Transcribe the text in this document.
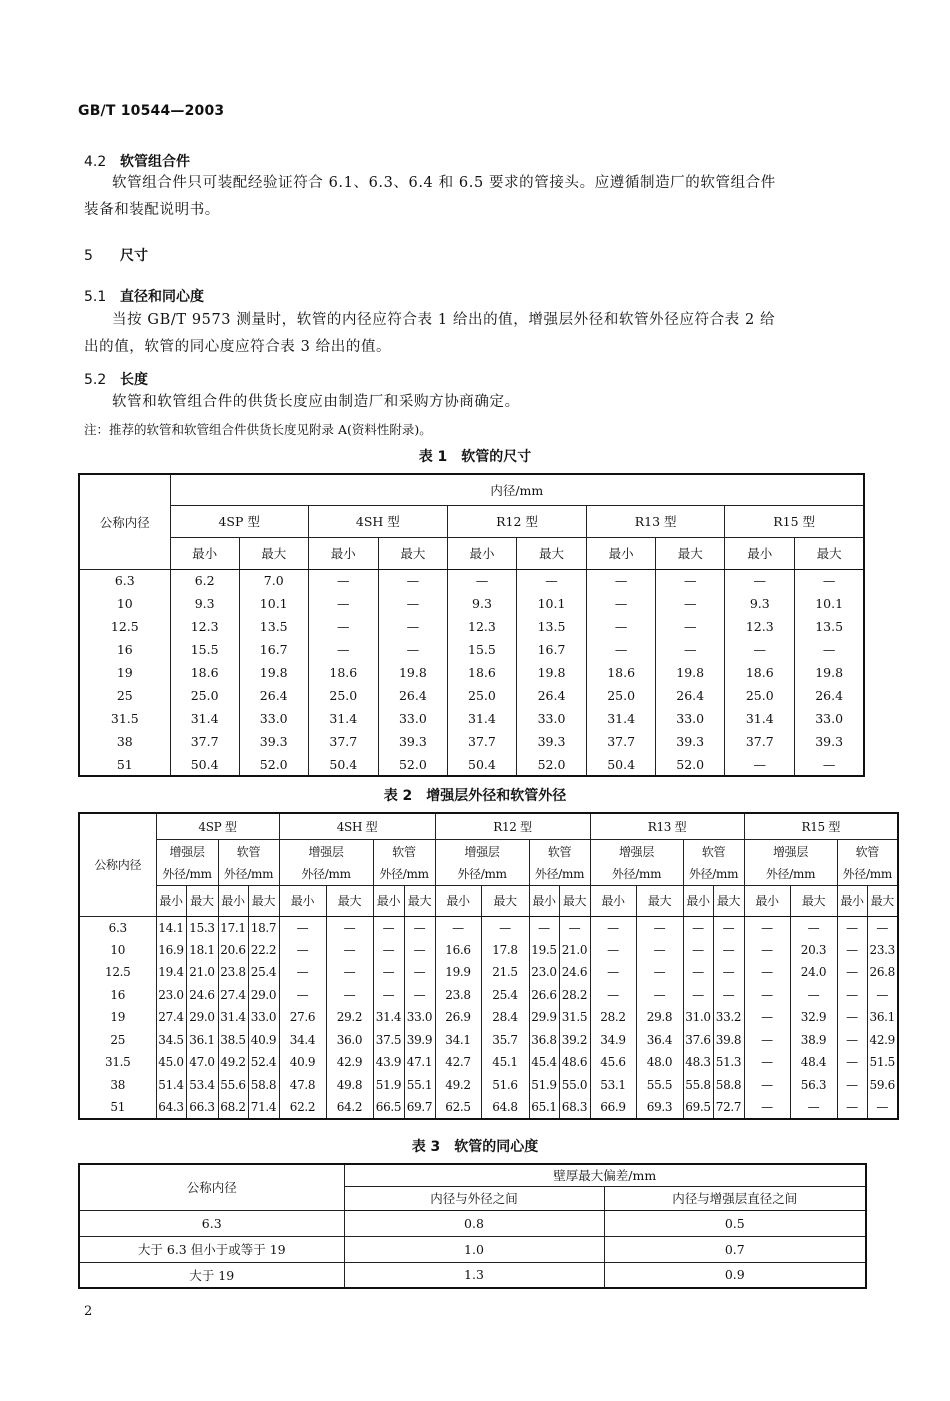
GB/T 10544—2003
4.2 软管组合件
软管组合件只可装配经验证符合 6.1、6.3、6.4 和 6.5 要求的管接头。应遵循制造厂的软管组合件
装备和装配说明书。
5 尺寸
5.1 直径和同心度
当按 GB/T 9573 测量时，软管的内径应符合表 1 给出的值，增强层外径和软管外径应符合表 2 给
出的值，软管的同心度应符合表 3 给出的值。
5.2 长度
软管和软管组合件的供货长度应由制造厂和采购方协商确定。
注：推荐的软管和软管组合件供货长度见附录 A(资料性附录)。
表 1　软管的尺寸
公称内径	内径/mm									
	4SP 型		4SH 型		R12 型		R13 型		R15 型	
	最小	最大	最小	最大	最小	最大	最小	最大	最小	最大
6.3	6.2	7.0	—	—	—	—	—	—	—	—
10	9.3	10.1	—	—	9.3	10.1	—	—	9.3	10.1
12.5	12.3	13.5	—	—	12.3	13.5	—	—	12.3	13.5
16	15.5	16.7	—	—	15.5	16.7	—	—	—	—
19	18.6	19.8	18.6	19.8	18.6	19.8	18.6	19.8	18.6	19.8
25	25.0	26.4	25.0	26.4	25.0	26.4	25.0	26.4	25.0	26.4
31.5	31.4	33.0	31.4	33.0	31.4	33.0	31.4	33.0	31.4	33.0
38	37.7	39.3	37.7	39.3	37.7	39.3	37.7	39.3	37.7	39.3
51	50.4	52.0	50.4	52.0	50.4	52.0	50.4	52.0	—	—
表 2　增强层外径和软管外径
公称内径	4SP 型				4SH 型				R12 型				R13 型				R15 型			
	增强层		软管		增强层		软管		增强层		软管		增强层		软管		增强层		软管	
	外径/mm		外径/mm		外径/mm		外径/mm		外径/mm		外径/mm		外径/mm		外径/mm		外径/mm		外径/mm	
	最小	最大	最小	最大	最小	最大	最小	最大	最小	最大	最小	最大	最小	最大	最小	最大	最小	最大	最小	最大
6.3	14.1	15.3	17.1	18.7	—	—	—	—	—	—	—	—	—	—	—	—	—	—	—	—
10	16.9	18.1	20.6	22.2	—	—	—	—	16.6	17.8	19.5	21.0	—	—	—	—	—	20.3	—	23.3
12.5	19.4	21.0	23.8	25.4	—	—	—	—	19.9	21.5	23.0	24.6	—	—	—	—	—	24.0	—	26.8
16	23.0	24.6	27.4	29.0	—	—	—	—	23.8	25.4	26.6	28.2	—	—	—	—	—	—	—	—
19	27.4	29.0	31.4	33.0	27.6	29.2	31.4	33.0	26.9	28.4	29.9	31.5	28.2	29.8	31.0	33.2	—	32.9	—	36.1
25	34.5	36.1	38.5	40.9	34.4	36.0	37.5	39.9	34.1	35.7	36.8	39.2	34.9	36.4	37.6	39.8	—	38.9	—	42.9
31.5	45.0	47.0	49.2	52.4	40.9	42.9	43.9	47.1	42.7	45.1	45.4	48.6	45.6	48.0	48.3	51.3	—	48.4	—	51.5
38	51.4	53.4	55.6	58.8	47.8	49.8	51.9	55.1	49.2	51.6	51.9	55.0	53.1	55.5	55.8	58.8	—	56.3	—	59.6
51	64.3	66.3	68.2	71.4	62.2	64.2	66.5	69.7	62.5	64.8	65.1	68.3	66.9	69.3	69.5	72.7	—	—	—	—
表 3　软管的同心度
公称内径	壁厚最大偏差/mm	
	内径与外径之间	内径与增强层直径之间
6.3	0.8	0.5
大于 6.3 但小于或等于 19	1.0	0.7
大于 19	1.3	0.9
2
